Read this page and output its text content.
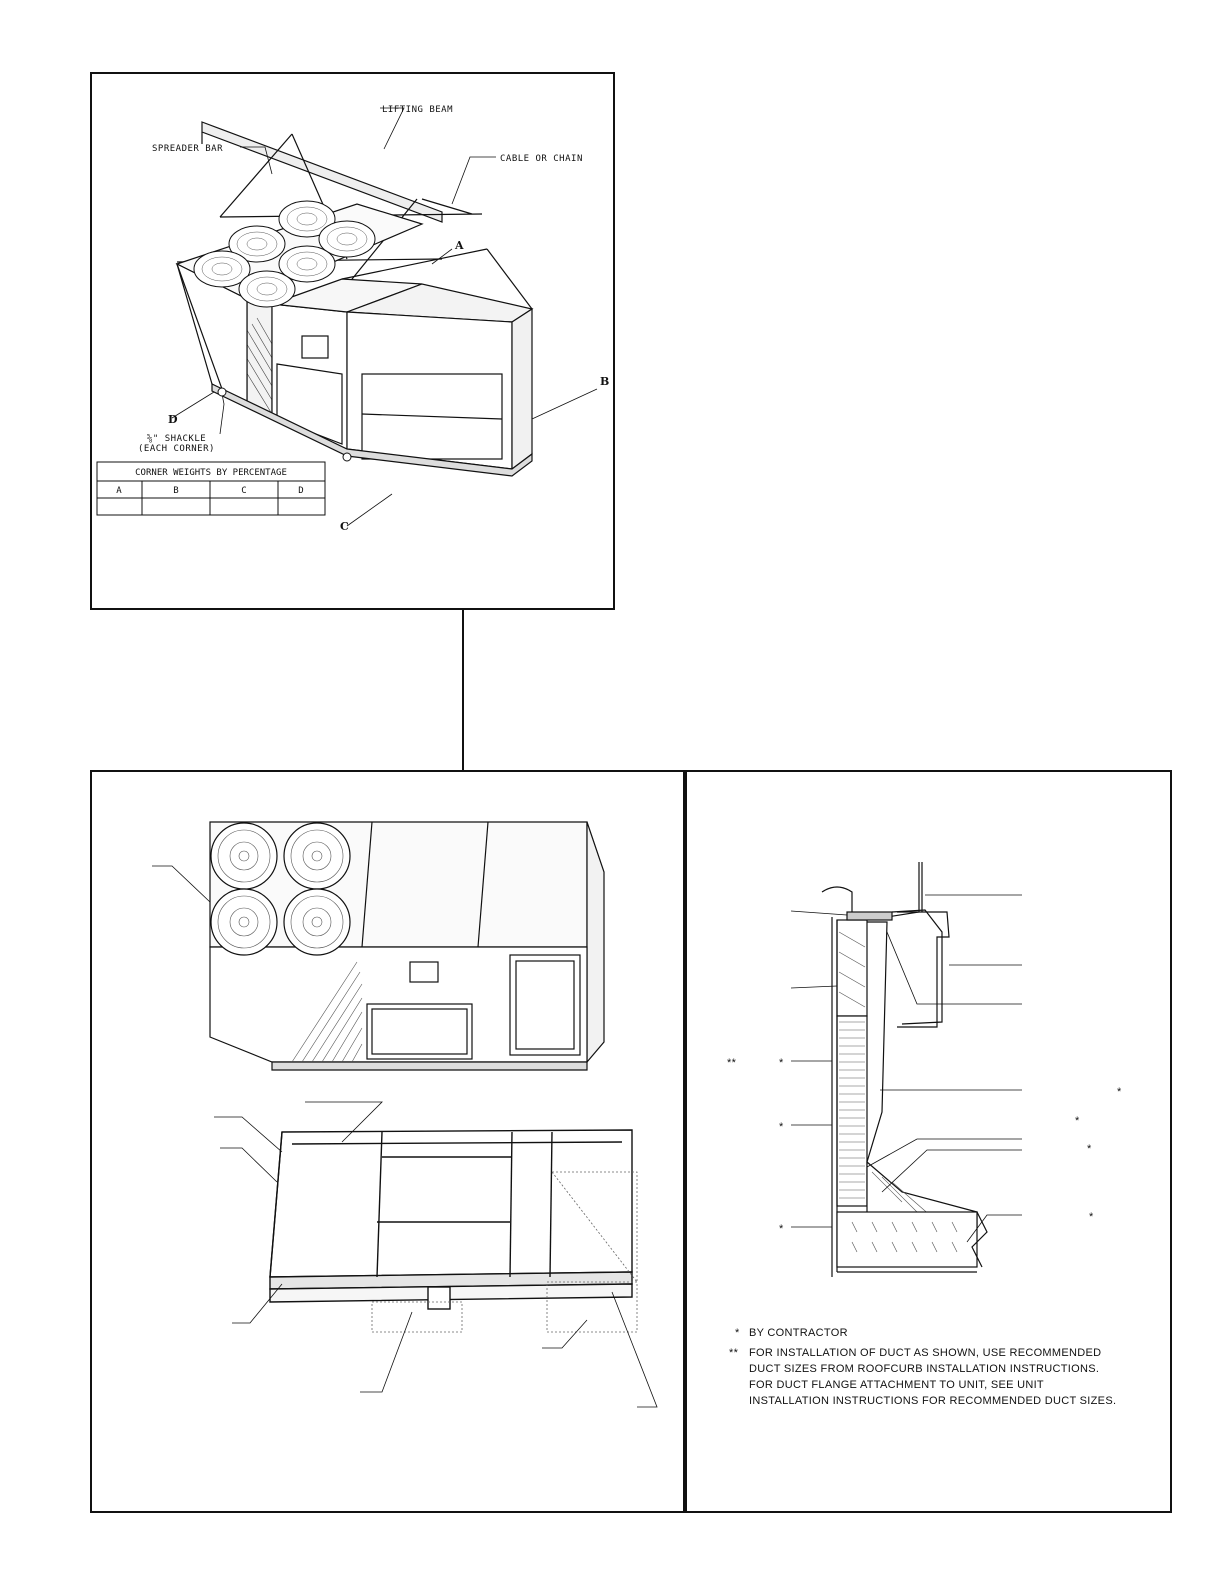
LIFTING BEAM
SPREADER BAR
CABLE OR CHAIN
⅝" SHACKLE
(EACH CORNER)
A
B
C
D
CORNER WEIGHTS BY PERCENTAGE
A	B	C	D
**	*
*
*
*
*
*
*
* BY CONTRACTOR
** FOR INSTALLATION OF DUCT AS SHOWN, USE RECOMMENDED
DUCT SIZES FROM ROOFCURB INSTALLATION INSTRUCTIONS.
FOR DUCT FLANGE ATTACHMENT TO UNIT, SEE UNIT
INSTALLATION INSTRUCTIONS FOR RECOMMENDED DUCT SIZES.
